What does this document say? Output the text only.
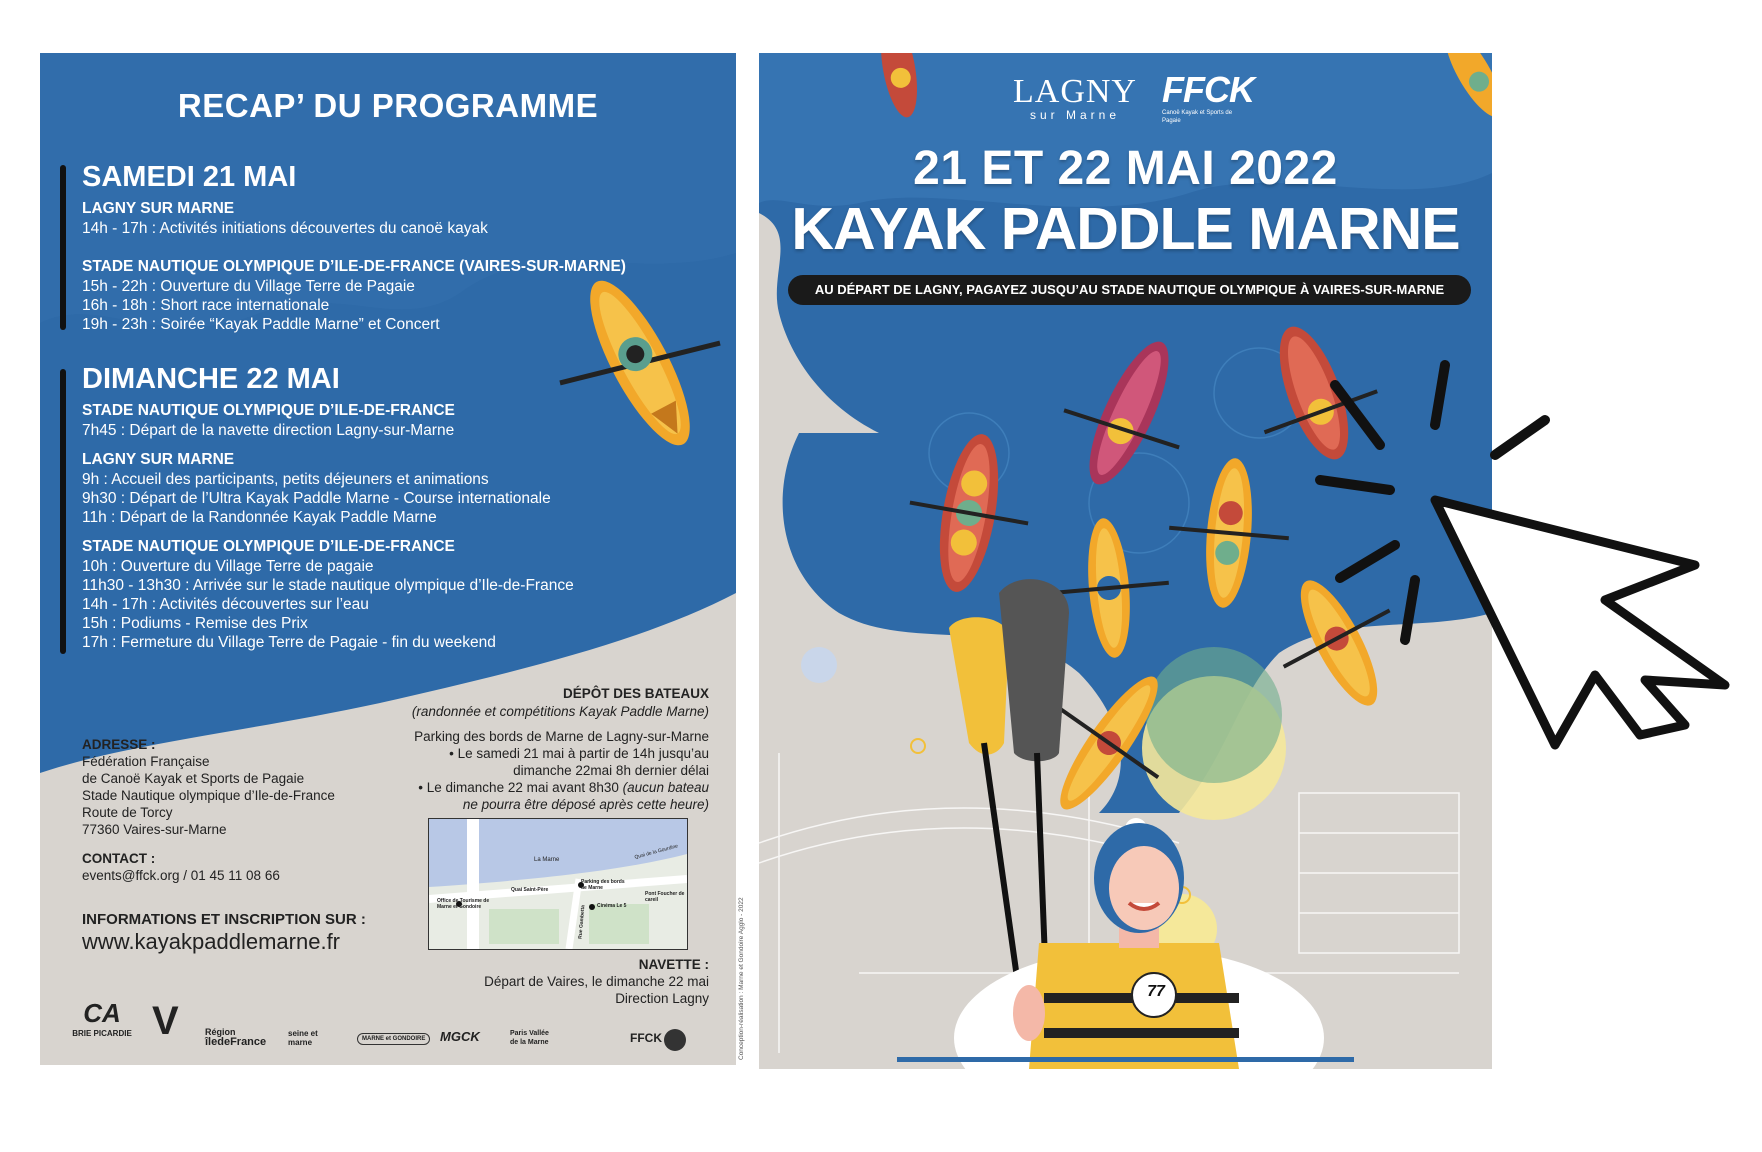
RECAP’ DU PROGRAMME
SAMEDI 21 MAI
LAGNY SUR MARNE
14h - 17h : Activités initiations découvertes du canoë kayak
STADE NAUTIQUE OLYMPIQUE D’ILE-DE-FRANCE (VAIRES-SUR-MARNE)
15h - 22h : Ouverture du Village Terre de Pagaie
16h - 18h : Short race internationale
19h - 23h : Soirée “Kayak Paddle Marne” et Concert
DIMANCHE 22 MAI
STADE NAUTIQUE OLYMPIQUE D’ILE-DE-FRANCE
7h45 : Départ de la navette direction Lagny-sur-Marne
LAGNY SUR MARNE
9h : Accueil des participants, petits déjeuners et animations
9h30 : Départ de l’Ultra Kayak Paddle Marne - Course internationale
11h : Départ de la Randonnée Kayak Paddle Marne
STADE NAUTIQUE OLYMPIQUE D’ILE-DE-FRANCE
10h : Ouverture du Village Terre de pagaie
11h30 - 13h30 : Arrivée sur le stade nautique olympique d’Ile-de-France
14h - 17h : Activités découvertes sur l’eau
15h : Podiums - Remise des Prix
17h : Fermeture du Village Terre de Pagaie - fin du weekend
DÉPÔT DES BATEAUX
(randonnée et compétitions Kayak Paddle Marne)
Parking des bords de Marne de Lagny-sur-Marne
• Le samedi 21 mai à partir de 14h jusqu’au
dimanche 22mai 8h dernier délai
• Le dimanche 22 mai avant 8h30 (aucun bateau
ne pourra être déposé après cette heure)
ADRESSE :
Fédération Française
de Canoë Kayak et Sports de Pagaie
Stade Nautique olympique d’Ile-de-France
Route de Torcy
77360 Vaires-sur-Marne
CONTACT :
events@ffck.org / 01 45 11 08 66
INFORMATIONS ET INSCRIPTION SUR :
www.kayakpaddlemarne.fr
La Marne	Quai de la Gourdine
Parking des bords de Marne
Office de Tourisme de Marne et Gondoire
Quai Saint-Père
Cinéma Le 5
Rue Gambetta
Pont Foucher de careil
NAVETTE :
Départ de Vaires, le dimanche 22 mai
Direction Lagny
CA
BRIE PICARDIE V	Région
îledeFrance
seine et marne	MARNE et GONDOIRE	MGCK	Paris Vallée de la Marne	FFCK	Conception-réalisation : Marne et Gondoire Agglo - 2022
LAGNY
sur Marne
FFCK
Canoë Kayak et Sports de Pagaie
21 ET 22 MAI 2022
KAYAK PADDLE MARNE
AU DÉPART DE LAGNY, PAGAYEZ JUSQU’AU STADE NAUTIQUE OLYMPIQUE À VAIRES-SUR-MARNE
77
